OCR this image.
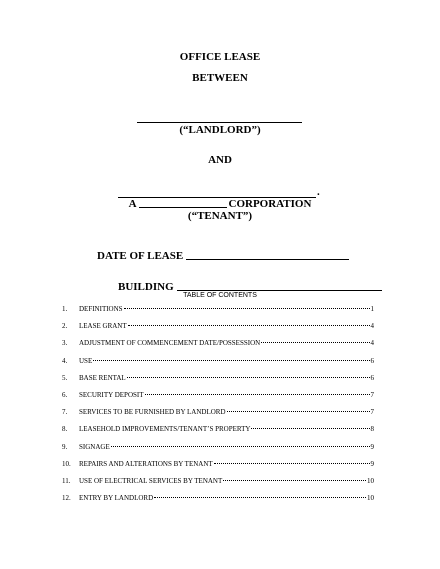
OFFICE LEASE
BETWEEN
(“LANDLORD”)
AND
.
A	CORPORATION
(“TENANT”)
DATE OF LEASE
BUILDING
TABLE OF CONTENTS
1.	DEFINITIONS	1
2.	LEASE GRANT	4
3.	ADJUSTMENT OF COMMENCEMENT DATE/POSSESSION	4
4.	USE	6
5.	BASE RENTAL	6
6.	SECURITY DEPOSIT	7
7.	SERVICES TO BE FURNISHED BY LANDLORD	7
8.	LEASEHOLD IMPROVEMENTS/TENANT’S PROPERTY	8
9.	SIGNAGE	9
10.	REPAIRS AND ALTERATIONS BY TENANT	9
11.	USE OF ELECTRICAL SERVICES BY TENANT	10
12.	ENTRY BY LANDLORD	10
